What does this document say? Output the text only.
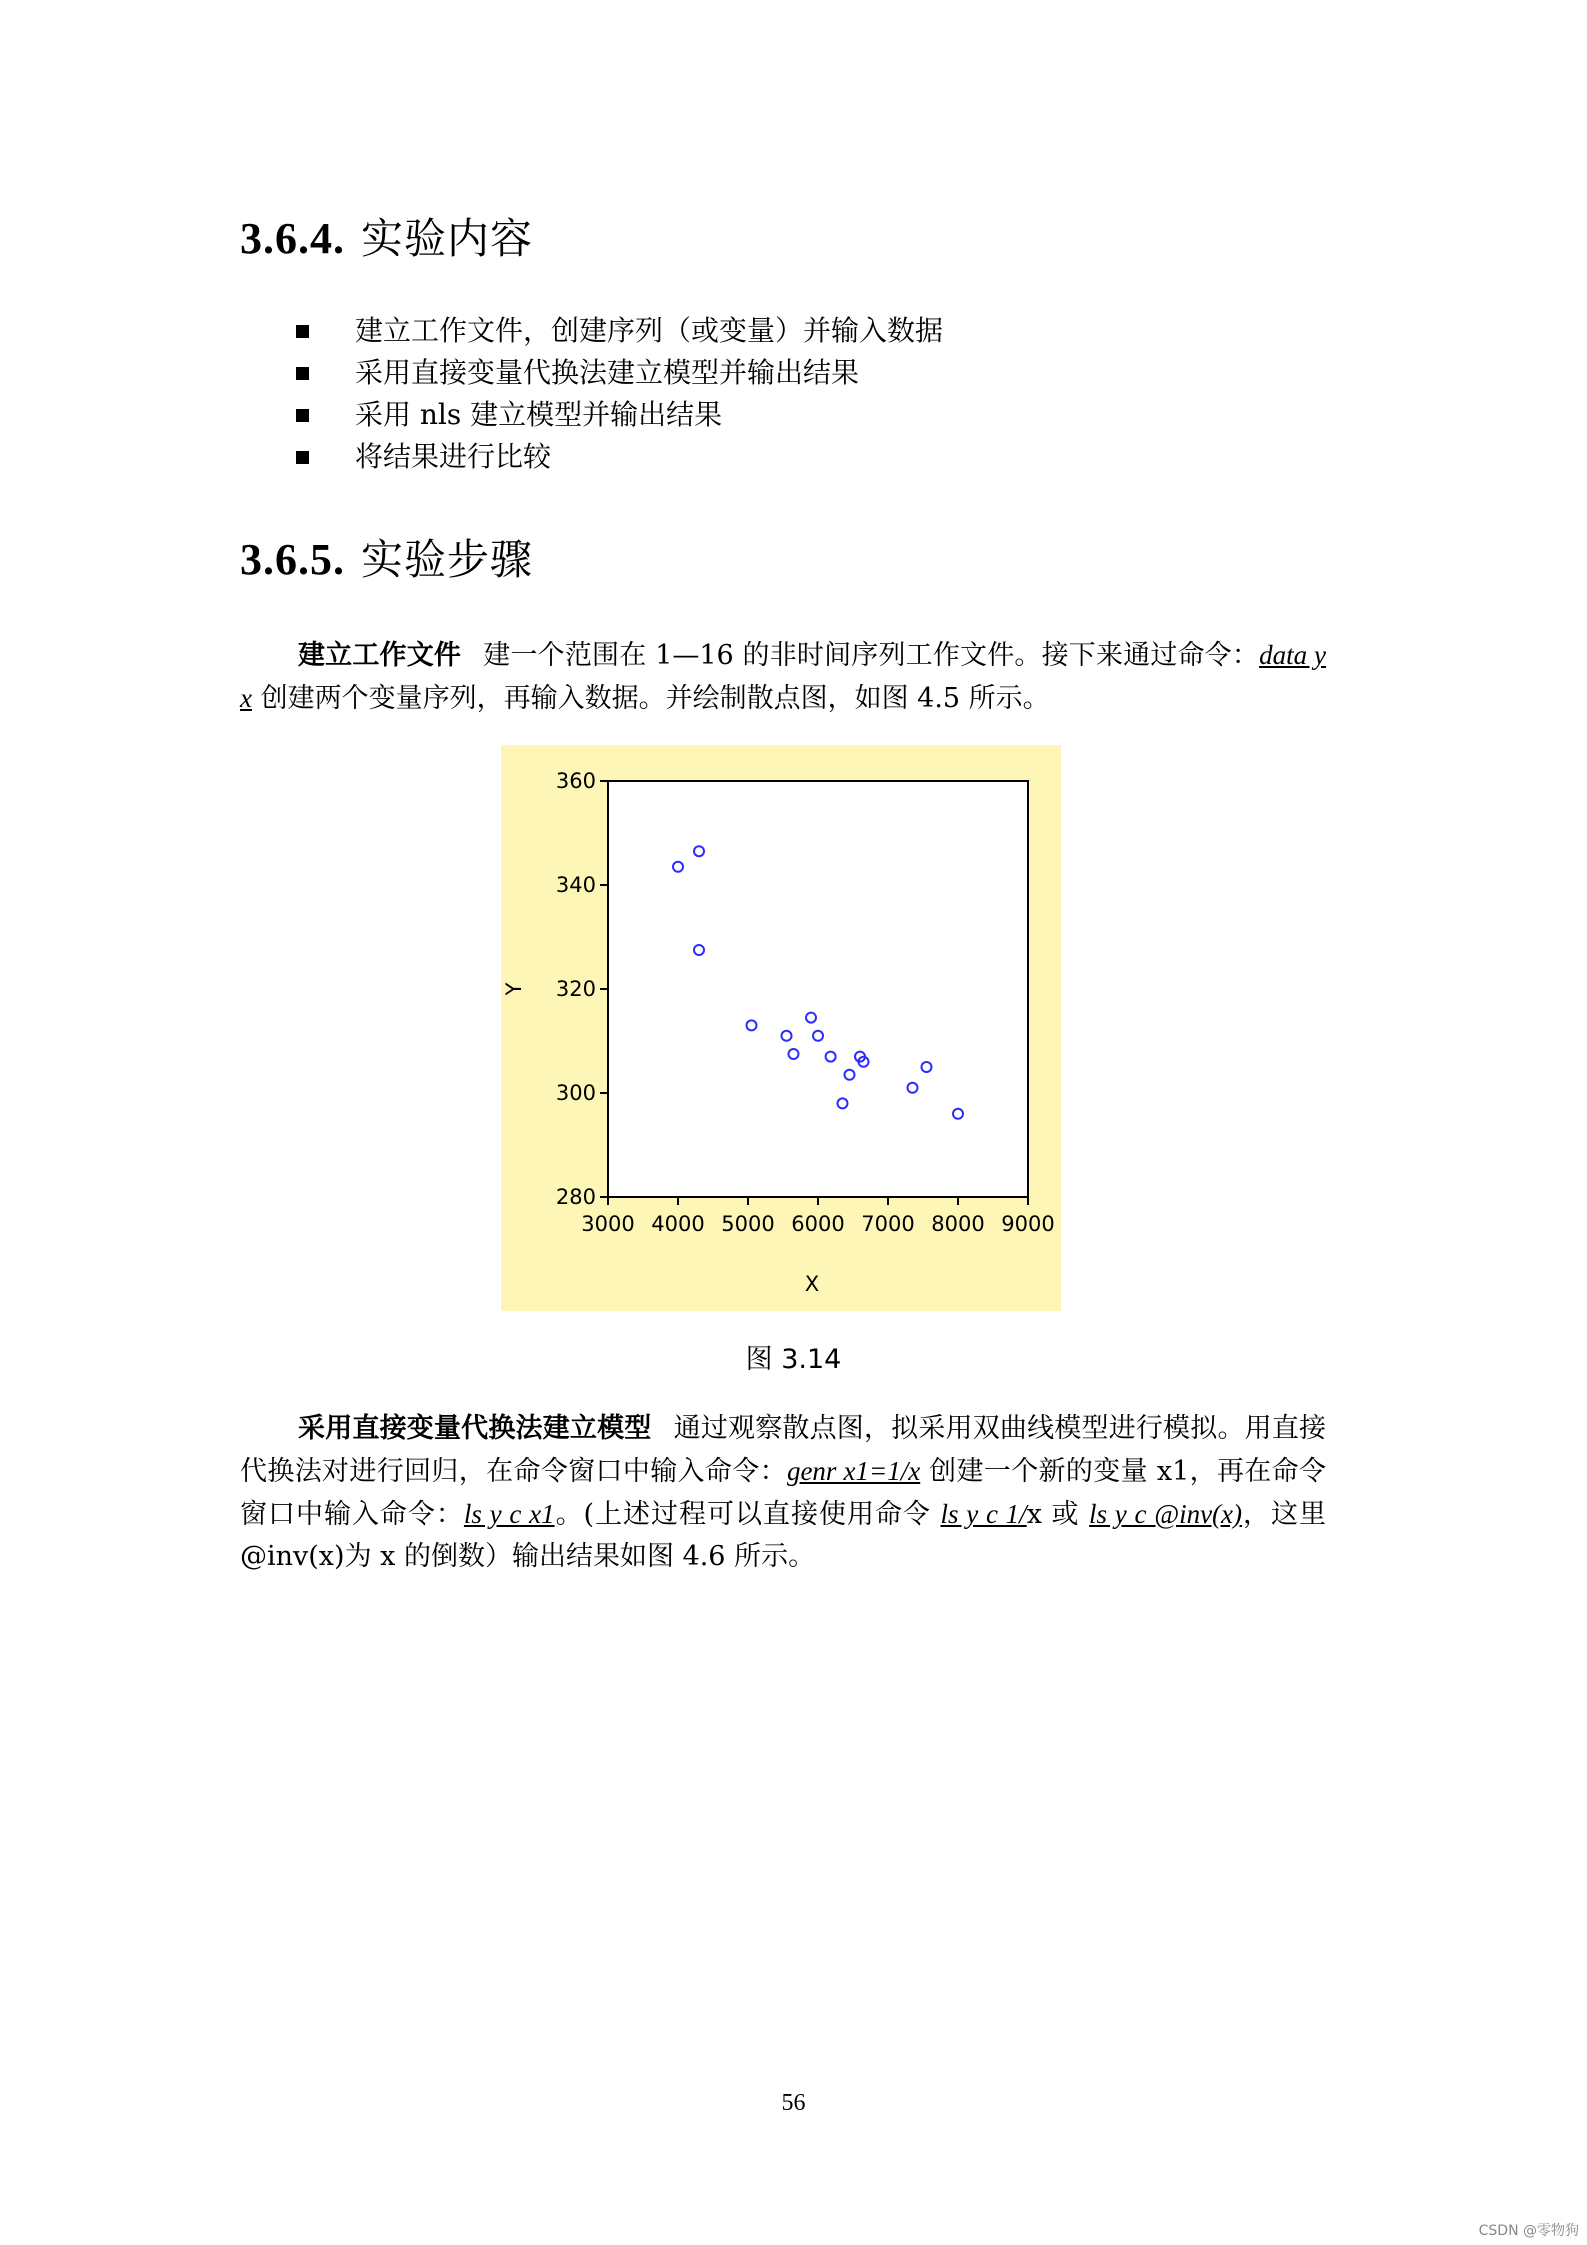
3.6.4. 实验内容
建立工作文件，创建序列（或变量）并输入数据
采用直接变量代换法建立模型并输出结果
采用 nls 建立模型并输出结果
将结果进行比较
3.6.5. 实验步骤

建立工作文件 建一个范围在 1—16 的非时间序列工作文件。接下来通过命令：data y x 创建两个变量序列，再输入数据。并绘制散点图，如图 4.5 所示。

3000 4000 5000 6000 7000 8000 9000
280
300
320
340
360
X
Y
图 3.14

采用直接变量代换法建立模型 通过观察散点图，拟采用双曲线模型进行模拟。用直接代换法对进行回归，在命令窗口中输入命令：genr x1=1/x 创建一个新的变量 x1，再在命令窗口中输入命令：ls y c x1。(上述过程可以直接使用命令 ls y c 1/x 或 ls y c @inv(x)，这里@inv(x)为 x 的倒数）输出结果如图 4.6 所示。

56
CSDN @零物狗
